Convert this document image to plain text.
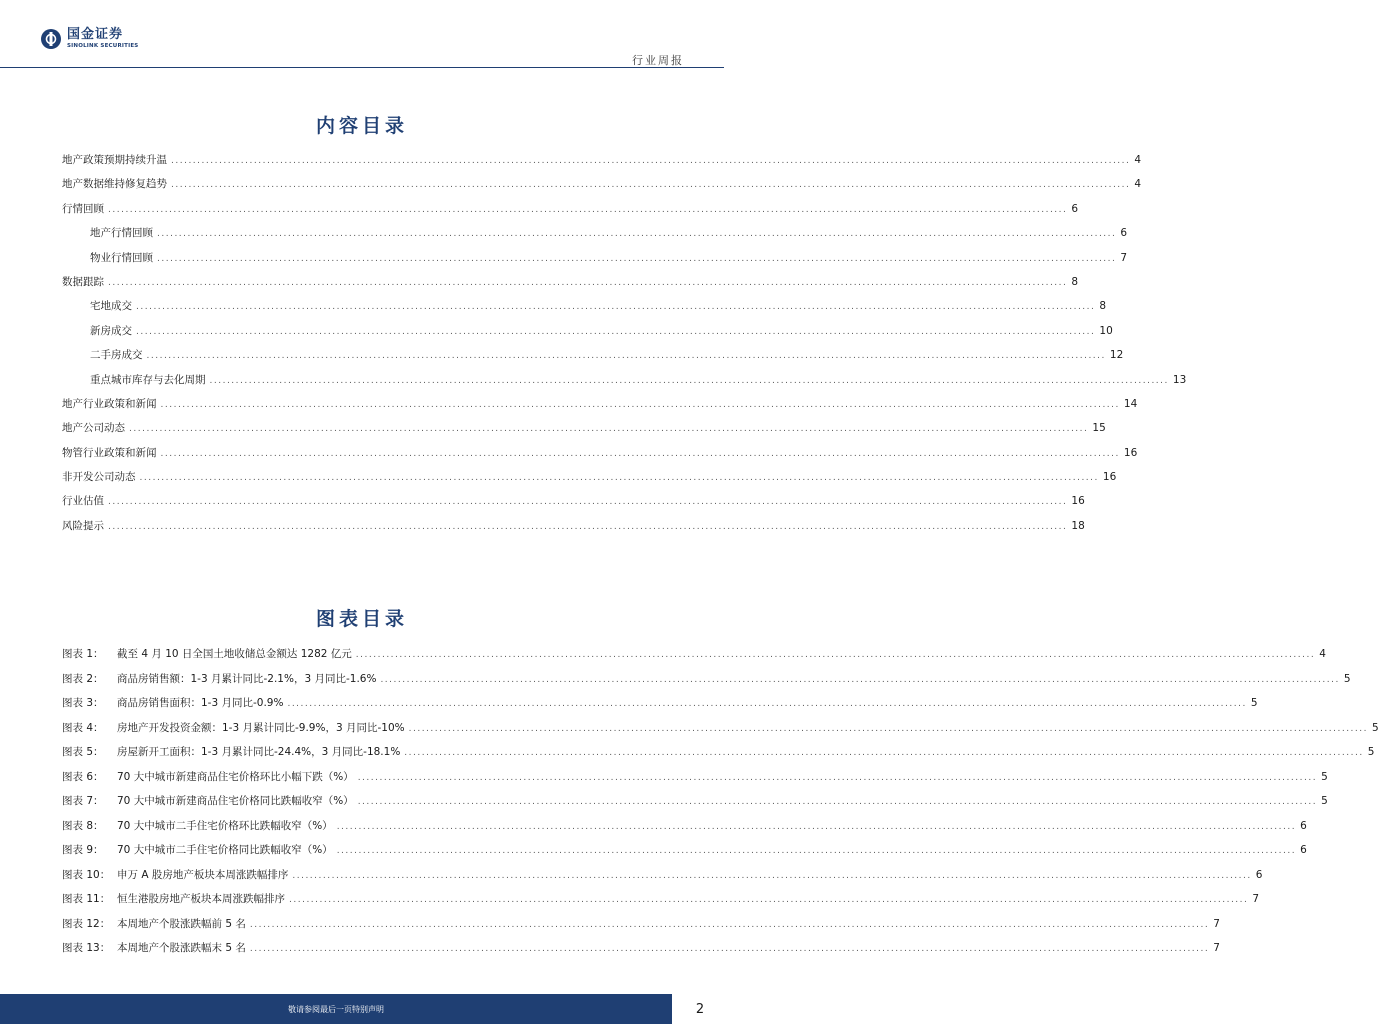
国金证券
SINOLINK SECURITIES
行业周报
内容目录
地产政策预期持续升温 ............................................................................................................................................................................................................................ 4
地产数据维持修复趋势 ............................................................................................................................................................................................................................ 4
行情回顾 ............................................................................................................................................................................................................................ 6
地产行情回顾 ............................................................................................................................................................................................................................ 6
物业行情回顾 ............................................................................................................................................................................................................................ 7
数据跟踪 ............................................................................................................................................................................................................................ 8
宅地成交 ............................................................................................................................................................................................................................ 8
新房成交 ............................................................................................................................................................................................................................ 10
二手房成交 ............................................................................................................................................................................................................................ 12
重点城市库存与去化周期 ............................................................................................................................................................................................................................ 13
地产行业政策和新闻 ............................................................................................................................................................................................................................ 14
地产公司动态 ............................................................................................................................................................................................................................ 15
物管行业政策和新闻 ............................................................................................................................................................................................................................ 16
非开发公司动态 ............................................................................................................................................................................................................................ 16
行业估值 ............................................................................................................................................................................................................................ 16
风险提示 ............................................................................................................................................................................................................................ 18
图表目录
图表 1： 截至 4 月 10 日全国土地收储总金额达 1282 亿元 ............................................................................................................................................................................................................................ 4
图表 2： 商品房销售额：1-3 月累计同比-2.1%，3 月同比-1.6% ............................................................................................................................................................................................................................ 5
图表 3： 商品房销售面积：1-3 月同比-0.9% ............................................................................................................................................................................................................................ 5
图表 4： 房地产开发投资金额：1-3 月累计同比-9.9%，3 月同比-10% ............................................................................................................................................................................................................................ 5
图表 5： 房屋新开工面积：1-3 月累计同比-24.4%，3 月同比-18.1% ............................................................................................................................................................................................................................ 5
图表 6： 70 大中城市新建商品住宅价格环比小幅下跌（%） ............................................................................................................................................................................................................................ 5
图表 7： 70 大中城市新建商品住宅价格同比跌幅收窄（%） ............................................................................................................................................................................................................................ 5
图表 8： 70 大中城市二手住宅价格环比跌幅收窄（%） ............................................................................................................................................................................................................................ 6
图表 9： 70 大中城市二手住宅价格同比跌幅收窄（%） ............................................................................................................................................................................................................................ 6
图表 10： 申万 A 股房地产板块本周涨跌幅排序 ............................................................................................................................................................................................................................ 6
图表 11： 恒生港股房地产板块本周涨跌幅排序 ............................................................................................................................................................................................................................ 7
图表 12： 本周地产个股涨跌幅前 5 名 ............................................................................................................................................................................................................................ 7
图表 13： 本周地产个股涨跌幅末 5 名 ............................................................................................................................................................................................................................ 7
敬请参阅最后一页特别声明	2
